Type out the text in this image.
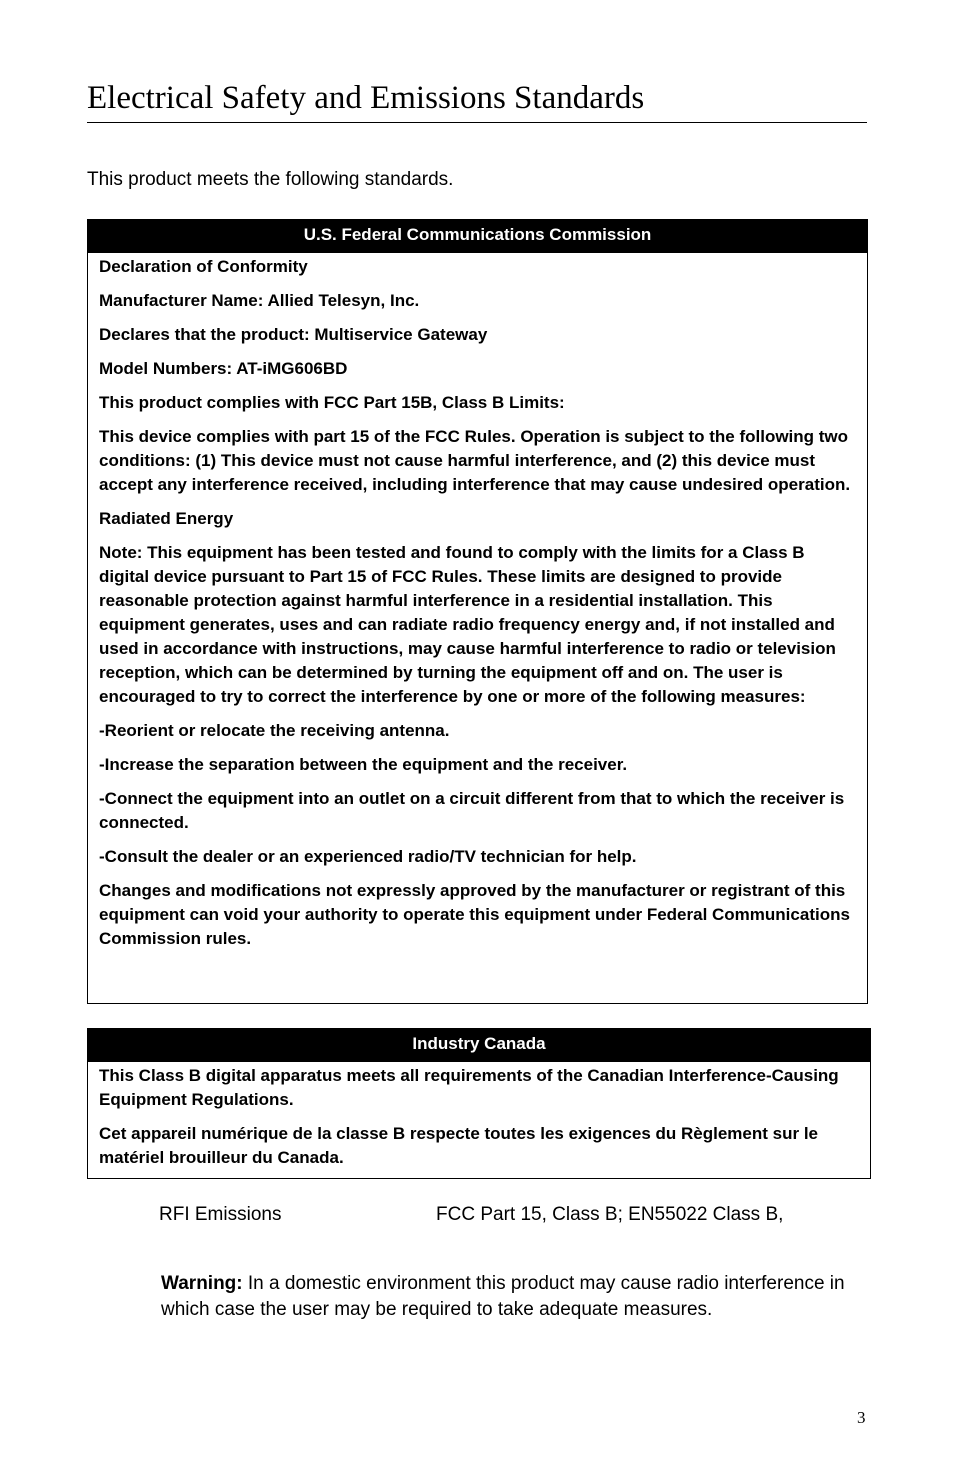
Electrical Safety and Emissions Standards
This product meets the following standards.
U.S. Federal Communications Commission

Declaration of Conformity

Manufacturer Name: Allied Telesyn, Inc.

Declares that the product: Multiservice Gateway

Model Numbers: AT-iMG606BD

This product complies with FCC Part 15B, Class B Limits:

This device complies with part 15 of the FCC Rules. Operation is subject to the following two conditions: (1) This device must not cause harmful interference, and (2) this device must accept any interference received, including interference that may cause undesired operation.

Radiated Energy

Note: This equipment has been tested and found to comply with the limits for a Class B digital device pursuant to Part 15 of FCC Rules. These limits are designed to provide reasonable protection against harmful interference in a residential installation. This equipment generates, uses and can radiate radio frequency energy and, if not installed and used in accordance with instructions, may cause harmful interference to radio or television reception, which can be determined by turning the equipment off and on. The user is encouraged to try to correct the interference by one or more of the following measures:

-Reorient or relocate the receiving antenna.

-Increase the separation between the equipment and the receiver.

-Connect the equipment into an outlet on a circuit different from that to which the receiver is connected.

-Consult the dealer or an experienced radio/TV technician for help.

Changes and modifications not expressly approved by the manufacturer or registrant of this equipment can void your authority to operate this equipment under Federal Communications Commission rules.

Industry Canada

This Class B digital apparatus meets all requirements of the Canadian Interference-Causing Equipment Regulations.

Cet appareil numérique de la classe B respecte toutes les exigences du Règlement sur le matériel brouilleur du Canada.

RFI Emissions	FCC Part 15, Class B; EN55022 Class B,

Warning: In a domestic environment this product may cause radio interference in which case the user may be required to take adequate measures.

3
